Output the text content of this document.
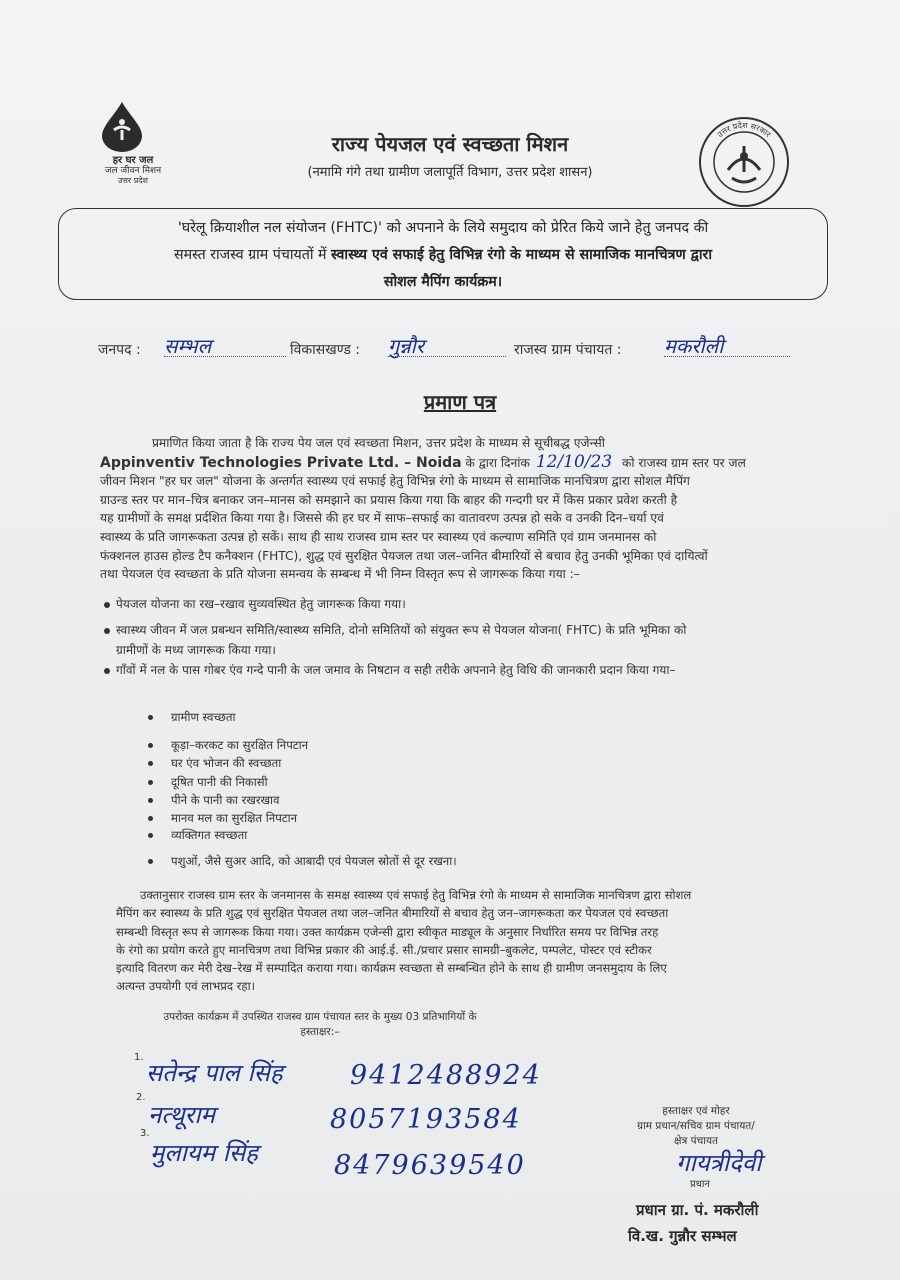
हर घर जल
जल जीवन मिशन
उत्तर प्रदेश
राज्य पेयजल एवं स्वच्छता मिशन
(नमामि गंगे तथा ग्रामीण जलापूर्ति विभाग, उत्तर प्रदेश शासन)
उत्तर प्रदेश सरकार
'घरेलू क्रियाशील नल संयोजन (FHTC)' को अपनाने के लिये समुदाय को प्रेरित किये जाने हेतु जनपद की
समस्त राजस्व ग्राम पंचायतों में स्वास्थ्य एवं सफाई हेतु विभिन्न रंगो के माध्यम से सामाजिक मानचित्रण द्वारा
सोशल मैपिंग कार्यक्रम।
जनपद : सम्भल	विकासखण्ड : गुन्नौर	राजस्व ग्राम पंचायत : मकरौली
प्रमाण पत्र
प्रमाणित किया जाता है कि राज्य पेय जल एवं स्वच्छता मिशन, उत्तर प्रदेश के माध्यम से सूचीबद्ध एजेन्सी
Appinventiv Technologies Private Ltd. – Noida के द्वारा दिनांक 12/10/23 को राजस्व ग्राम स्तर पर जल
जीवन मिशन "हर घर जल" योजना के अन्तर्गत स्वास्थ्य एवं सफाई हेतु विभिन्न रंगो के माध्यम से सामाजिक मानचित्रण द्वारा सोशल मैपिंग
ग्राउन्ड स्तर पर मान–चित्र बनाकर जन–मानस को समझाने का प्रयास किया गया कि बाहर की गन्दगी घर में किस प्रकार प्रवेश करती है
यह ग्रामीणों के समक्ष प्रर्दशित किया गया है। जिससे की हर घर में साफ–सफाई का वातावरण उत्पन्न हो सके व उनकी दिन–चर्या एवं
स्वास्थ्य के प्रति जागरूकता उत्पन्न हो सकें। साथ ही साथ राजस्व ग्राम स्तर पर स्वास्थ्य एवं कल्याण समिति एवं ग्राम जनमानस को
फंक्शनल हाउस होल्ड टैप कनैक्शन (FHTC), शुद्ध एवं सुरक्षित पेयजल तथा जल–जनित बीमारियों से बचाव हेतु उनकी भूमिका एवं दायित्वों
तथा पेयजल एंव स्वच्छता के प्रति योजना समन्वय के सम्बन्ध में भी निम्न विस्तृत रूप से जागरूक किया गया :–
पेयजल योजना का रख–रखाव सुव्यवस्थित हेतु जागरूक किया गया।
स्वास्थ्य जीवन में जल प्रबन्धन समिति/स्वास्थ्य समिति, दोनो समितियों को संयुक्त रूप से पेयजल योजना( FHTC) के प्रति भूमिका को
ग्रामीणों के मध्य जागरूक किया गया।
गाँवों में नल के पास गोबर एंव गन्दे पानी के जल जमाव के निषटान व सही तरीके अपनाने हेतु विधि की जानकारी प्रदान किया गया–
ग्रामीण स्वच्छता
कूड़ा–करकट का सुरक्षित निपटान
घर एंव भोजन की स्वच्छता
दूषित पानी की निकासी
पीने के पानी का रखरखाव
मानव मल का सुरक्षित निपटान
व्यक्तिगत स्वच्छता
पशुओं, जैसे सुअर आदि, को आबादी एवं पेयजल स्रोतों से दूर रखना।
उक्तानुसार राजस्व ग्राम स्तर के जनमानस के समक्ष स्वास्थ्य एवं सफाई हेतु विभिन्न रंगो के माध्यम से सामाजिक मानचित्रण द्वारा सोशल
मैपिंग कर स्वास्थ्य के प्रति शुद्ध एवं सुरक्षित पेयजल तथा जल–जनित बीमारियों से बचाव हेतु जन–जागरूकता कर पेयजल एवं स्वच्छता
सम्बन्धी विस्तृत रूप से जागरूक किया गया। उक्त कार्यक्रम एजेन्सी द्वारा स्वीकृत माड्यूल के अनुसार निर्धारित समय पर विभिन्न तरह
के रंगो का प्रयोग करते हुए मानचित्रण तथा विभिन्न प्रकार की आई.ई. सी./प्रचार प्रसार सामग्री–बुकलेट, पम्पलेट, पोस्टर एवं स्टीकर
इत्यादि वितरण कर मेरी देख–रेख में सम्पादित कराया गया। कार्यक्रम स्वच्छता से सम्बन्धित होने के साथ ही ग्रामीण जनसमुदाय के लिए
अत्यन्त उपयोगी एवं लाभप्रद रहा।
उपरोक्त कार्यक्रम में उपस्थित राजस्व ग्राम पंचायत स्तर के मुख्य 03 प्रतिभागियों के
हस्ताक्षर:–
1.
सतेन्द्र पाल सिंह 9412488924
2.
नत्थूराम	8057193584
3.
मुलायम सिंह	8479639540
हस्ताक्षर एवं मोहर
ग्राम प्रधान/सचिव ग्राम पंचायत/
क्षेत्र पंचायत
गायत्रीदेवी
प्रधान
प्रधान ग्रा. पं. मकरौली
वि.ख. गुन्नौर सम्भल
